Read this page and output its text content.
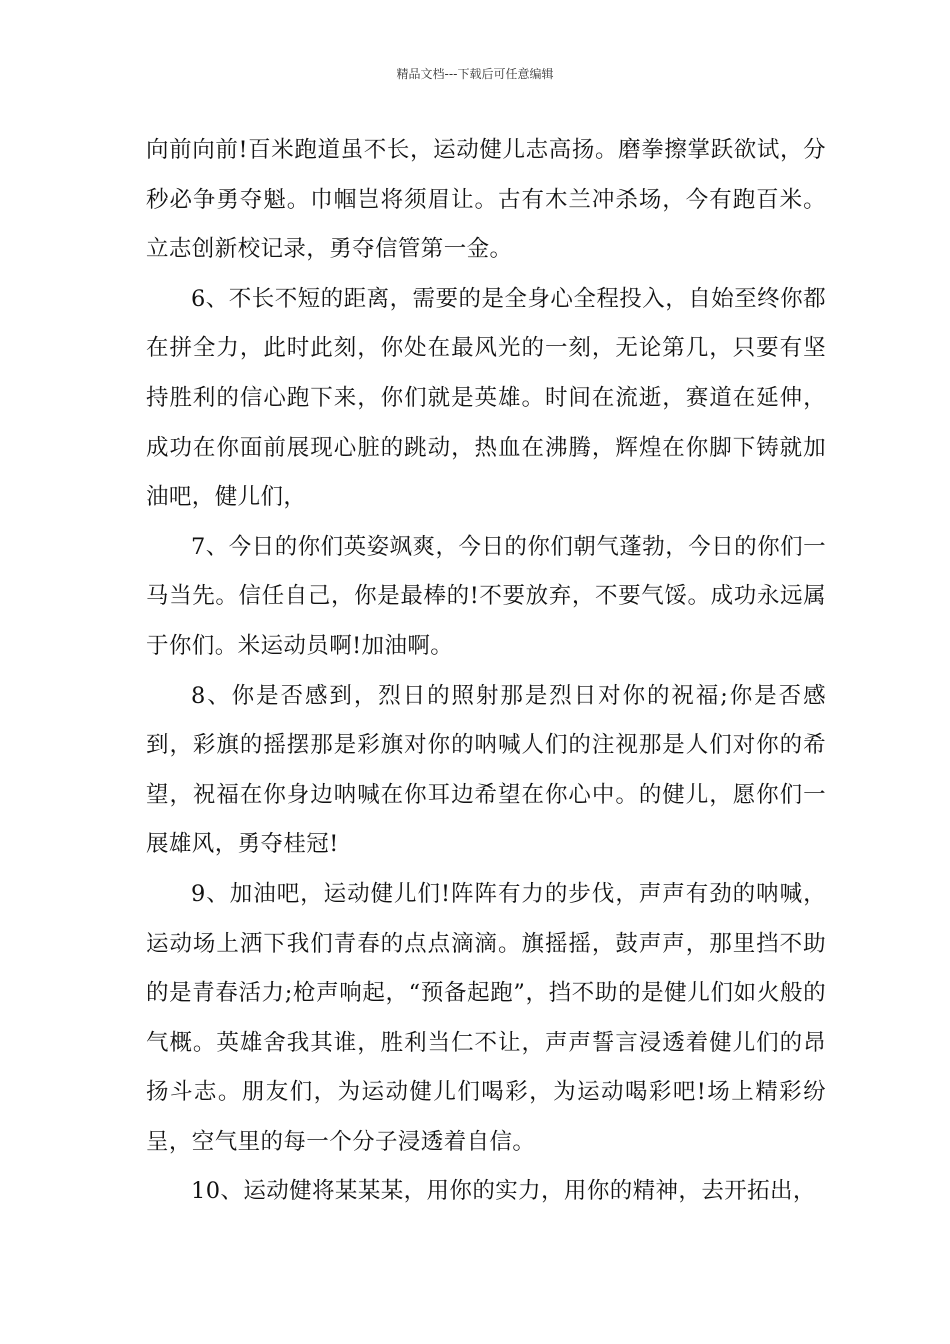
精品文档---下载后可任意编辑

向前向前!百米跑道虽不长，运动健儿志高扬。磨拳擦掌跃欲试，分秒必争勇夺魁。巾帼岂将须眉让。古有木兰冲杀场，今有跑百米。立志创新校记录，勇夺信管第一金。

6、不长不短的距离，需要的是全身心全程投入，自始至终你都在拼全力，此时此刻，你处在最风光的一刻，无论第几，只要有坚持胜利的信心跑下来，你们就是英雄。时间在流逝，赛道在延伸，成功在你面前展现心脏的跳动，热血在沸腾，辉煌在你脚下铸就加油吧，健儿们，

7、今日的你们英姿飒爽，今日的你们朝气蓬勃，今日的你们一马当先。信任自己，你是最棒的!不要放弃，不要气馁。成功永远属于你们。米运动员啊!加油啊。

8、你是否感到，烈日的照射那是烈日对你的祝福;你是否感到，彩旗的摇摆那是彩旗对你的呐喊人们的注视那是人们对你的希望，祝福在你身边呐喊在你耳边希望在你心中。的健儿，愿你们一展雄风，勇夺桂冠!

9、加油吧，运动健儿们!阵阵有力的步伐，声声有劲的呐喊，运动场上洒下我们青春的点点滴滴。旗摇摇，鼓声声，那里挡不助的是青春活力;枪声响起，“预备起跑”，挡不助的是健儿们如火般的气概。英雄舍我其谁，胜利当仁不让，声声誓言浸透着健儿们的昂扬斗志。朋友们，为运动健儿们喝彩，为运动喝彩吧!场上精彩纷呈，空气里的每一个分子浸透着自信。

10、运动健将某某某，用你的实力，用你的精神，去开拓出，
